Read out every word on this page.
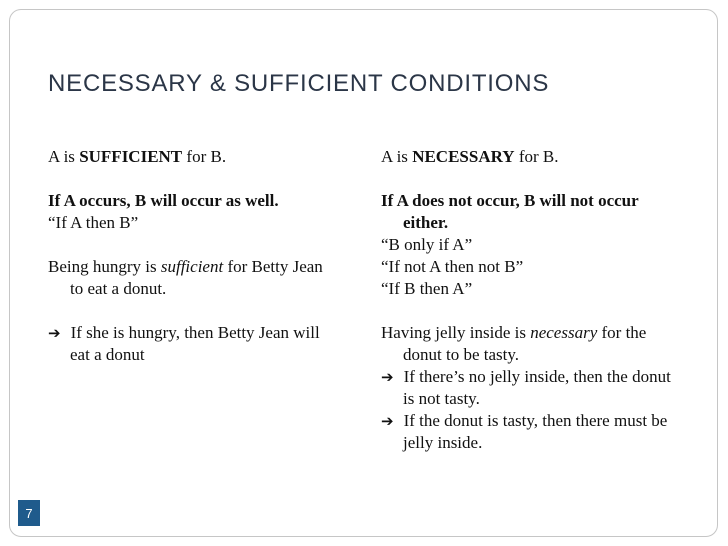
NECESSARY & SUFFICIENT CONDITIONS

A is SUFFICIENT for B.

If A occurs, B will occur as well.

“If A then B”

Being hungry is sufficient for Betty Jean to eat a donut.

➔ If she is hungry, then Betty Jean will eat a donut

A is NECESSARY for B.

If A does not occur, B will not occur either.

“B only if A”

“If not A then not B”

“If B then A”

Having jelly inside is necessary for the donut to be tasty.

➔ If there’s no jelly inside, then the donut is not tasty.

➔ If the donut is tasty, then there must be jelly inside.

7
